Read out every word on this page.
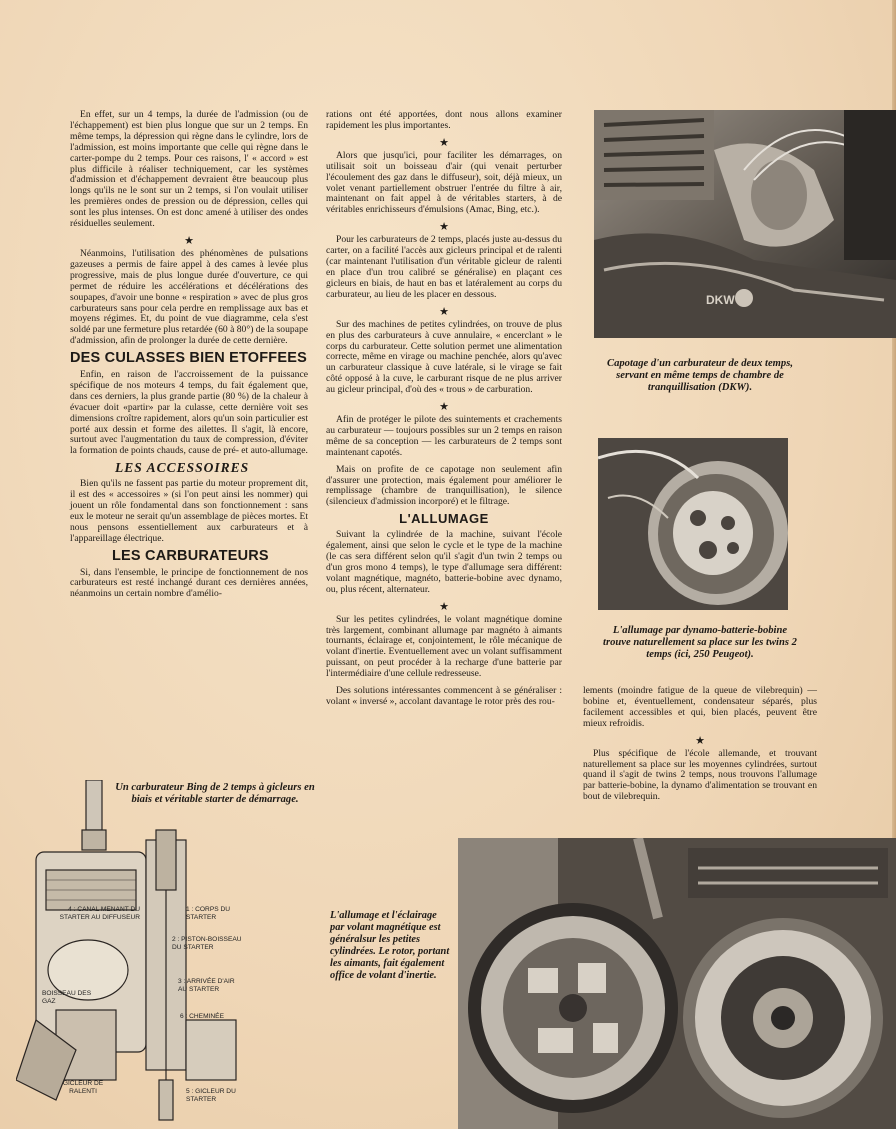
En effet, sur un 4 temps, la durée de l'admission (ou de l'échappement) est bien plus longue que sur un 2 temps. En même temps, la dépression qui règne dans le cylindre, lors de l'admission, est moins importante que celle qui règne dans le carter-pompe du 2 temps. Pour ces raisons, l' « accord » est plus difficile à réaliser techniquement, car les systèmes d'admission et d'échappement devraient être beaucoup plus longs qu'ils ne le sont sur un 2 temps, si l'on voulait utiliser les premières ondes de pression ou de dépression, celles qui sont les plus intenses. On est donc amené à utiliser des ondes résiduelles seulement.

★

Néanmoins, l'utilisation des phénomènes de pulsations gazeuses a permis de faire appel à des cames à levée plus progressive, mais de plus longue durée d'ouverture, ce qui permet de réduire les accélérations et décélérations des soupapes, d'avoir une bonne « respiration » avec de plus gros carburateurs sans pour cela perdre en remplissage aux bas et moyens régimes. Et, du point de vue diagramme, cela s'est soldé par une fermeture plus retardée (60 à 80°) de la soupape d'admission, afin de prolonger la durée de cette dernière.

DES CULASSES BIEN ETOFFEES

Enfin, en raison de l'accroissement de la puissance spécifique de nos moteurs 4 temps, du fait également que, dans ces derniers, la plus grande partie (80 %) de la chaleur à évacuer doit «partir» par la culasse, cette dernière voit ses dimensions croître rapidement, alors qu'un soin particulier est porté aux dessin et forme des ailettes. Il s'agit, là encore, surtout avec l'augmentation du taux de compression, d'éviter la formation de points chauds, cause de pré- et auto-allumage.

LES ACCESSOIRES

Bien qu'ils ne fassent pas partie du moteur proprement dit, il est des « accessoires » (si l'on peut ainsi les nommer) qui jouent un rôle fondamental dans son fonctionnement : sans eux le moteur ne serait qu'un assemblage de pièces mortes. Et nous pensons essentiellement aux carburateurs et à l'appareillage électrique.

LES CARBURATEURS

Si, dans l'ensemble, le principe de fonctionnement de nos carburateurs est resté inchangé durant ces dernières années, néanmoins un certain nombre d'amélio-

rations ont été apportées, dont nous allons examiner rapidement les plus importantes.

★

Alors que jusqu'ici, pour faciliter les démarrages, on utilisait soit un boisseau d'air (qui venait perturber l'écoulement des gaz dans le diffuseur), soit, déjà mieux, un volet venant partiellement obstruer l'entrée du filtre à air, maintenant on fait appel à de véritables starters, à de véritables enrichisseurs d'émulsions (Amac, Bing, etc.).

★

Pour les carburateurs de 2 temps, placés juste au-dessus du carter, on a facilité l'accès aux gicleurs principal et de ralenti (car maintenant l'utilisation d'un véritable gicleur de ralenti en place d'un trou calibré se généralise) en plaçant ces gicleurs en biais, de haut en bas et latéralement au corps du carburateur, au lieu de les placer en dessous.

★

Sur des machines de petites cylindrées, on trouve de plus en plus des carburateurs à cuve annulaire, « encerclant » le corps du carburateur. Cette solution permet une alimentation correcte, même en virage ou machine penchée, alors qu'avec un carburateur classique à cuve latérale, si le virage se fait côté opposé à la cuve, le carburant risque de ne plus arriver au gicleur principal, d'où des « trous » de carburation.

★

Afin de protéger le pilote des suintements et crachements au carburateur — toujours possibles sur un 2 temps en raison même de sa conception — les carburateurs de 2 temps sont maintenant capotés.

Mais on profite de ce capotage non seulement afin d'assurer une protection, mais également pour améliorer le remplissage (chambre de tranquillisation), le silence (silencieux d'admission incorporé) et le filtrage.

L'ALLUMAGE

Suivant la cylindrée de la machine, suivant l'école également, ainsi que selon le cycle et le type de la machine (le cas sera différent selon qu'il s'agit d'un twin 2 temps ou d'un gros mono 4 temps), le type d'allumage sera différent: volant magnétique, magnéto, batterie-bobine avec dynamo, ou, plus récent, alternateur.

★

Sur les petites cylindrées, le volant magnétique domine très largement, combinant allumage par magnéto à aimants tournants, éclairage et, conjointement, le rôle mécanique de volant d'inertie. Eventuellement avec un volant suffisamment puissant, on peut procéder à la recharge d'une batterie par l'intermédiaire d'une cellule redresseuse.

Des solutions intéressantes commencent à se généraliser : volant « inversé », accolant davantage le rotor près des rou-

lements (moindre fatigue de la queue de vilebrequin) — bobine et, éventuellement, condensateur séparés, plus facilement accessibles et qui, bien placés, peuvent être mieux refroidis.

★

Plus spécifique de l'école allemande, et trouvant naturellement sa place sur les moyennes cylindrées, surtout quand il s'agit de twins 2 temps, nous trouvons l'allumage par batterie-bobine, la dynamo d'alimentation se trouvant en bout de vilebrequin.

DKW
Capotage d'un carburateur de deux temps, servant en même temps de chambre de tranquillisation (DKW).
L'allumage par dynamo-batterie-bobine trouve naturellement sa place sur les twins 2 temps (ici, 250 Peugeot).
Un carburateur Bing de 2 temps à gicleurs en biais et véritable starter de démarrage.
4 : CANAL MENANT DU STARTER AU DIFFUSEUR
1 : CORPS DU STARTER
2 : PISTON-BOISSEAU DU STARTER
BOISSEAU DES GAZ
3 : ARRIVÉE D'AIR AU STARTER
6 : CHEMINÉE
GICLEUR DE RALENTI	5 : GICLEUR DU STARTER
L'allumage et l'éclairage par volant magnétique est généralsur les petites cylindrées. Le rotor, portant les aimants, fait également office de volant d'inertie.
